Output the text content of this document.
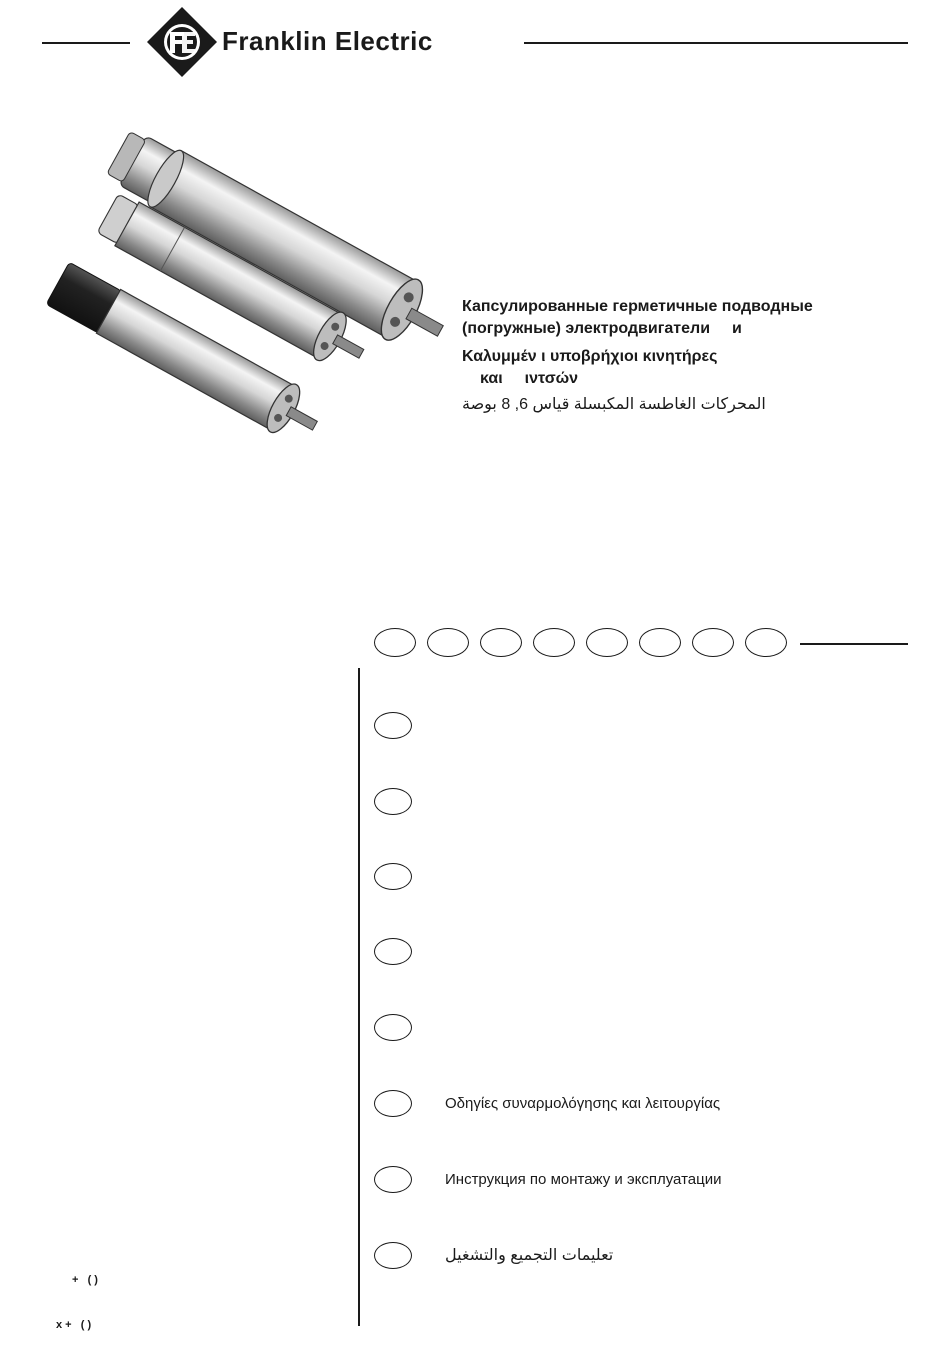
Franklin Electric
Капсулированные герметичные подводные
(погружные) электродвигатели и
Καλυμμέν ι υποβρήχιοι κινητήρες
και ιντσών
المحركات الغاطسة المكبسلة قياس 6, 8 بوصة
Οδηγίες συναρμολόγησης και λειτουργίας
Инструкция по монтажу и эксплуатации
تعليمات التجميع والتشغيل

+   ( )

x +   ( )
